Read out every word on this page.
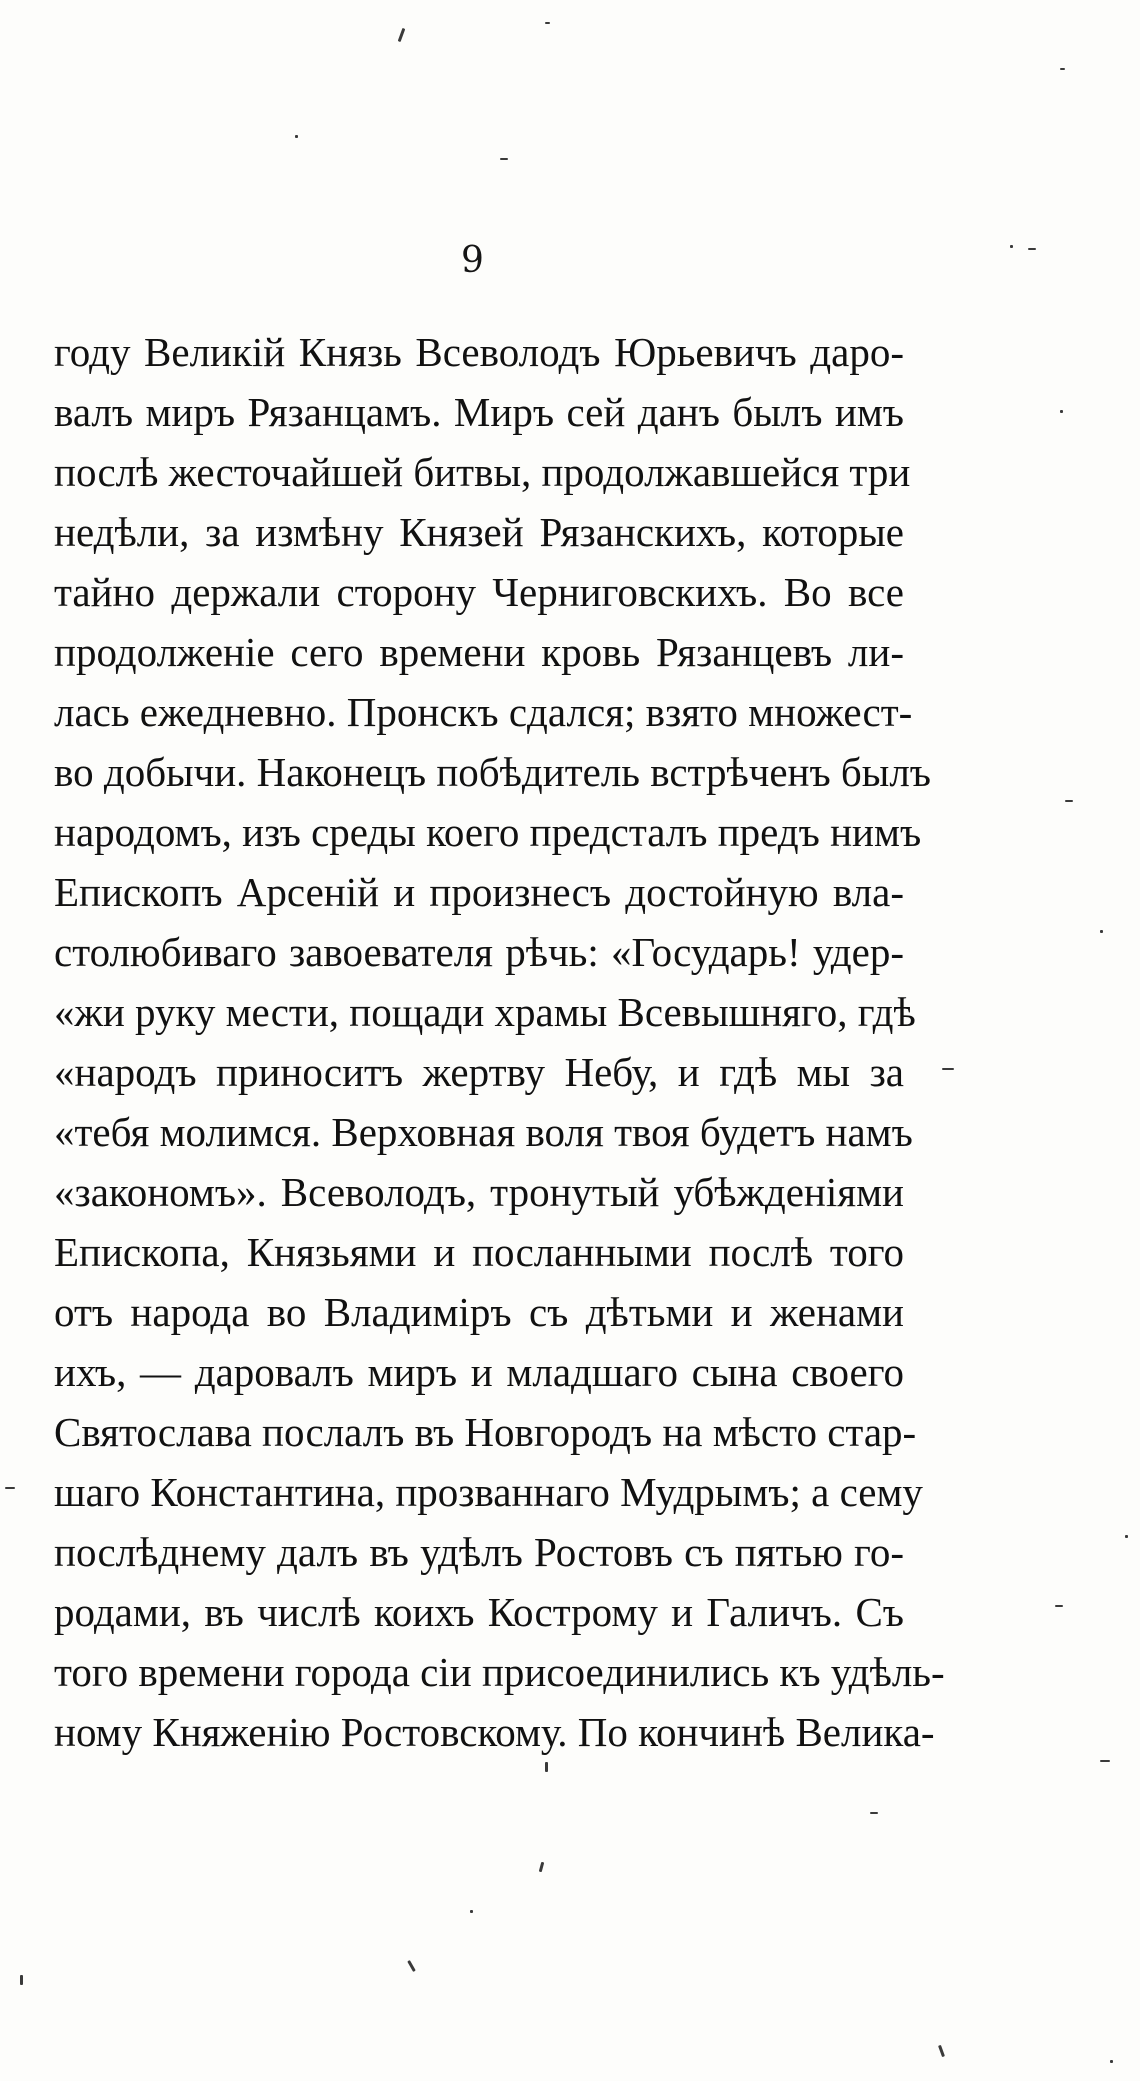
9
году Великій Князь Всеволодъ Юрьевичъ даро-
валъ миръ Рязанцамъ. Миръ сей данъ былъ имъ
послѣ жесточайшей битвы, продолжавшейся три
недѣли, за измѣну Князей Рязанскихъ, которые
тайно держали сторону Черниговскихъ. Во все
продолженіе сего времени кровь Рязанцевъ ли-
лась ежедневно. Пронскъ сдался; взято множест-
во добычи. Наконецъ побѣдитель встрѣченъ былъ
народомъ, изъ среды коего предсталъ предъ нимъ
Епископъ Арсеній и произнесъ достойную вла-
столюбиваго завоевателя рѣчь: «Государь! удер-
«жи руку мести, пощади храмы Всевышняго, гдѣ
«народъ приноситъ жертву Небу, и гдѣ мы за
«тебя молимся. Верховная воля твоя будетъ намъ
«закономъ». Всеволодъ, тронутый убѣжденіями
Епископа, Князьями и посланными послѣ того
отъ народа во Владиміръ съ дѣтьми и женами
ихъ, — даровалъ миръ и младшаго сына своего
Святослава послалъ въ Новгородъ на мѣсто стар-
шаго Константина, прозваннаго Мудрымъ; а сему
послѣднему далъ въ удѣлъ Ростовъ съ пятью го-
родами, въ числѣ коихъ Кострому и Галичъ. Съ
того времени города сіи присоединились къ удѣль-
ному Княженію Ростовскому. По кончинѣ Велика-
